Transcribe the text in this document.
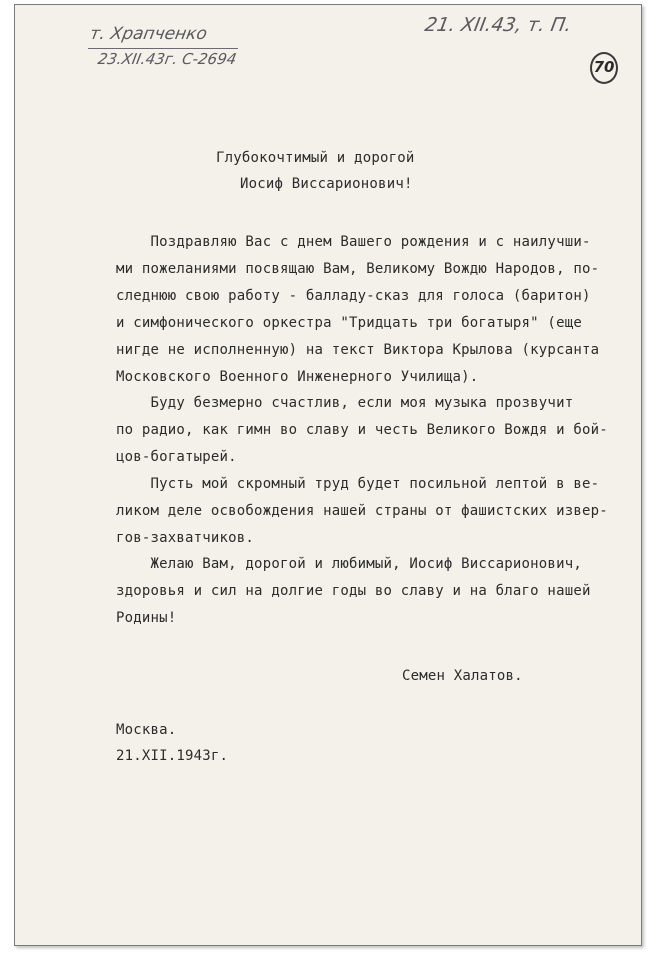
т. Храпченко
23.XII.43г. С-2694
21. XII.43, т. П.
70
Глубокочтимый и дорогой
Иосиф Виссарионович!
Поздравляю Вас с днем Вашего рождения и с наилучши-
ми пожеланиями посвящаю Вам, Великому Вождю Народов, по-
следнюю свою работу - балладу-сказ для голоса (баритон)
и симфонического оркестра "Тридцать три богатыря" (еще
нигде не исполненную) на текст Виктора Крылова (курсанта
Московского Военного Инженерного Училища).
Буду безмерно счастлив, если моя музыка прозвучит
по радио, как гимн во славу и честь Великого Вождя и бой-
цов-богатырей.
Пусть мой скромный труд будет посильной лептой в ве-
ликом деле освобождения нашей страны от фашистских извер-
гов-захватчиков.
Желаю Вам, дорогой и любимый, Иосиф Виссарионович,
здоровья и сил на долгие годы во славу и на благо нашей
Родины!
Семен Халатов.
Москва.
21.XII.1943г.
